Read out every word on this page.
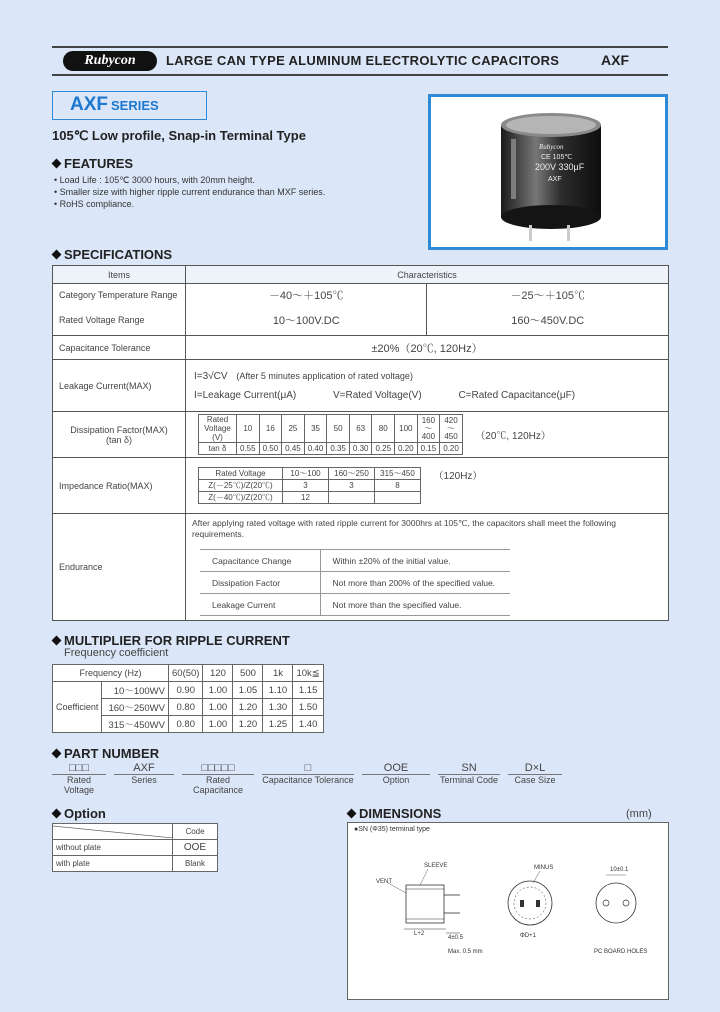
Rubycon	LARGE CAN TYPE ALUMINUM ELECTROLYTIC CAPACITORS	AXF
AXF SERIES
105℃ Low profile, Snap-in Terminal Type
FEATURES
• Load Life : 105℃ 3000 hours, with 20mm height.
• Smaller size with higher ripple current endurance than MXF series.
• RoHS compliance.
Rubycon
CE 105℃
200V 330μF
AXF
SPECIFICATIONS
Items	Characteristics
Category Temperature Range	－40～＋105℃	－25～＋105℃
Rated Voltage Range	10～100V.DC	160～450V.DC
Capacitance Tolerance	±20%（20℃, 120Hz）
Leakage Current(MAX)	
I=3√CV (After 5 minutes application of rated voltage)
I=Leakage Current(μA)	V=Rated Voltage(V)	C=Rated Capacitance(μF)

Dissipation Factor(MAX)
(tan δ)
	Rated Voltage (V)	10	16	25	35	50	63	80	100	160～400	420～450
tan δ	0.55	0.50	0.45	0.40	0.35	0.30	0.25	0.20	0.15	0.20 （20℃, 120Hz）
Impedance Ratio(MAX)	Rated Voltage	10～100	160～250	315～450
Z(－25℃)/Z(20℃)	3	3	8
Z(－40℃)/Z(20℃)	12		（120Hz）
Endurance	
After applying rated voltage with rated ripple current for 3000hrs at 105℃, the capacitors shall meet the following requirements.
Capacitance Change	Within ±20% of the initial value.
Dissipation Factor	Not more than 200% of the specified value.
Leakage Current	Not more than the specified value.
MULTIPLIER FOR RIPPLE CURRENT
Frequency coefficient
Frequency (Hz)		60(50)	120	500	1k	10k≦
Coefficient	10～100WV	0.90	1.00	1.05	1.10	1.15
	160～250WV	0.80	1.00	1.20	1.30	1.50
	315～450WV	0.80	1.00	1.20	1.25	1.40
PART NUMBER
□□□
Rated Voltage
AXF
Series
□□□□□
Rated Capacitance
□
Capacitance Tolerance
OOE
Option
SN
Terminal Code
D×L
Case Size
Option
	Code
without plate	OOE
with plate	Blank
DIMENSIONS	(mm)
●SN (Φ35) terminal type
VENT
SLEEVE
L+2
4±0.5
Max. 0.5 mm
MINUS
ΦD+1
10±0.1
PC BOARD HOLES
